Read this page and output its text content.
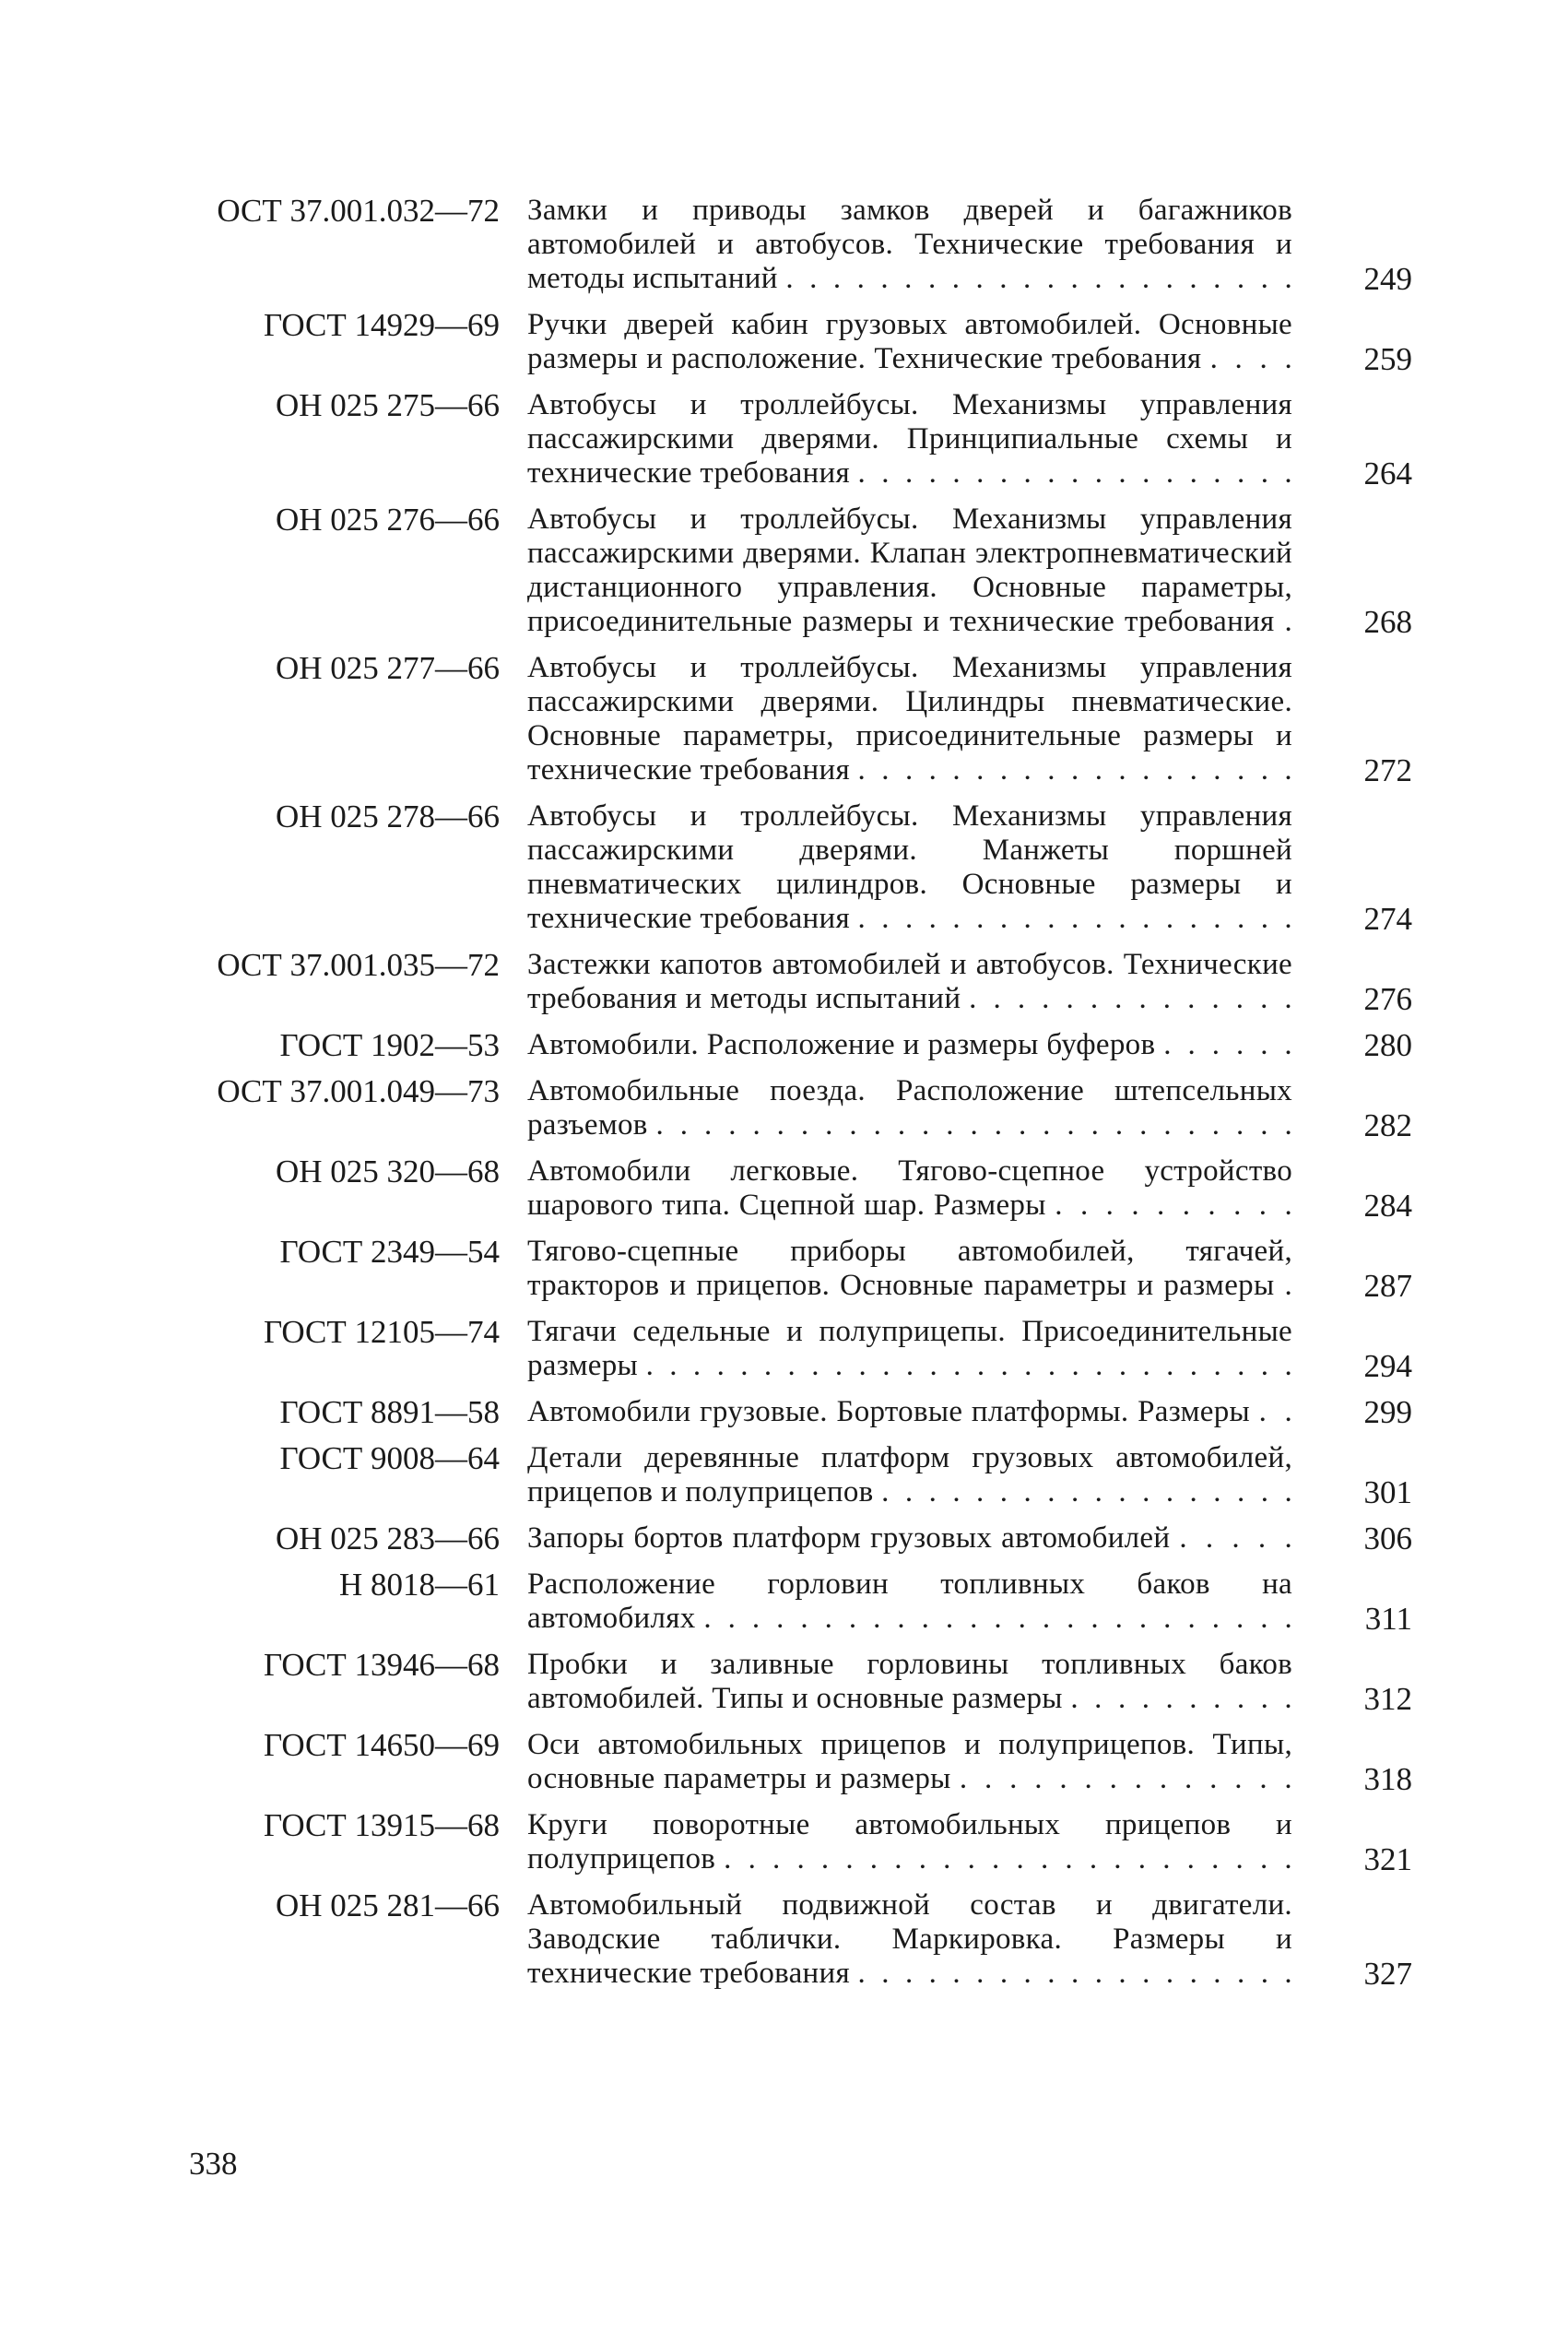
ОСТ 37.001.032—72 Замки и приводы замков дверей и багажников автомобилей и автобусов. Технические требования и методы испытаний . .	249
ГОСТ 14929—69 Ручки дверей кабин грузовых автомобилей. Основные размеры и расположение. Технические требования . .	259
ОН 025 275—66 Автобусы и троллейбусы. Механизмы управления пассажирскими дверями. Принципиальные схемы и технические требования . .	264
ОН 025 276—66 Автобусы и троллейбусы. Механизмы управления пассажирскими дверями. Клапан электропневматический дистанционного управления. Основные параметры, присоединительные размеры и технические требования . .	268
ОН 025 277—66 Автобусы и троллейбусы. Механизмы управления пассажирскими дверями. Цилиндры пневматические. Основные параметры, присоединительные размеры и технические требования . .	272
ОН 025 278—66 Автобусы и троллейбусы. Механизмы управления пассажирскими дверями. Манжеты поршней пневматических цилиндров. Основные размеры и технические требования . .	274
ОСТ 37.001.035—72 Застежки капотов автомобилей и автобусов. Технические требования и методы испытаний . .	276
ГОСТ 1902—53 Автомобили. Расположение и размеры буферов . .	280
ОСТ 37.001.049—73 Автомобильные поезда. Расположение штепсельных разъемов . .	282
ОН 025 320—68 Автомобили легковые. Тягово-сцепное устройство шарового типа. Сцепной шар. Размеры . .	284
ГОСТ 2349—54 Тягово-сцепные приборы автомобилей, тягачей, тракторов и прицепов. Основные параметры и размеры . .	287
ГОСТ 12105—74 Тягачи седельные и полуприцепы. Присоединительные размеры . .	294
ГОСТ 8891—58 Автомобили грузовые. Бортовые платформы. Размеры . .	299
ГОСТ 9008—64 Детали деревянные платформ грузовых автомобилей, прицепов и полуприцепов . .	301
ОН 025 283—66 Запоры бортов платформ грузовых автомобилей . .	306
Н 8018—61 Расположение горловин топливных баков на автомобилях . .	311
ГОСТ 13946—68 Пробки и заливные горловины топливных баков автомобилей. Типы и основные размеры . .	312
ГОСТ 14650—69 Оси автомобильных прицепов и полуприцепов. Типы, основные параметры и размеры . .	318
ГОСТ 13915—68 Круги поворотные автомобильных прицепов и полуприцепов . .	321
ОН 025 281—66 Автомобильный подвижной состав и двигатели. Заводские таблички. Маркировка. Размеры и технические требования . .	327
338
